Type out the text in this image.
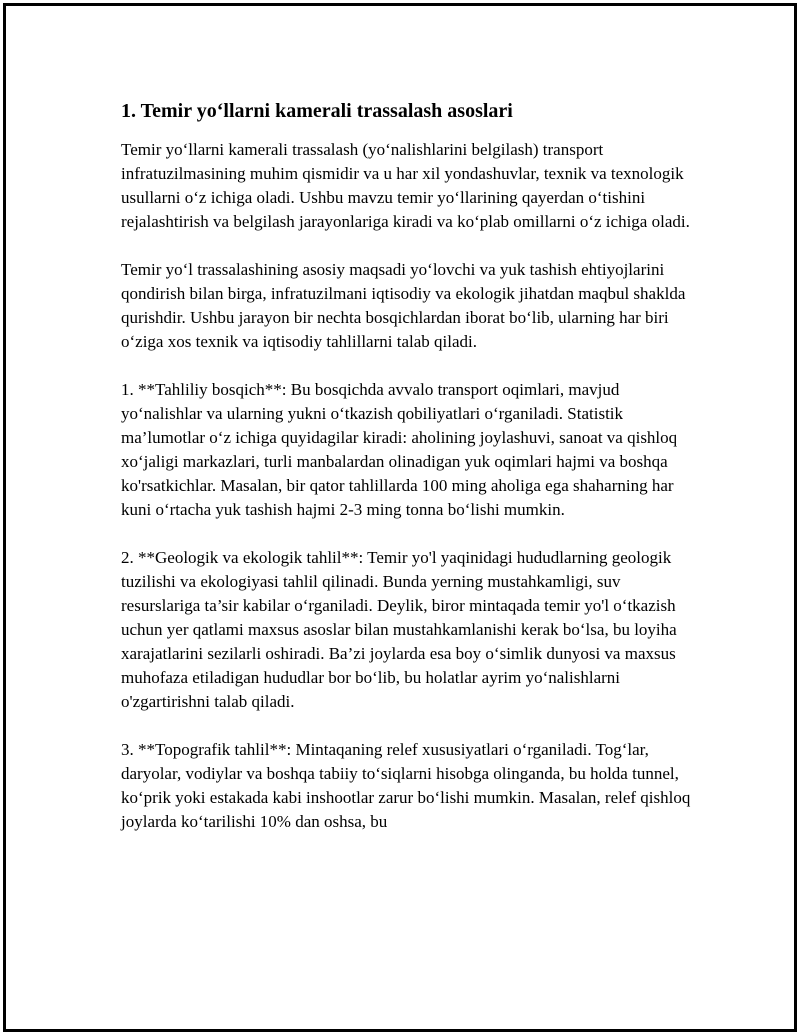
1. Temir yo‘llarni kamerali trassalash asoslari

Temir yo‘llarni kamerali trassalash (yo‘nalishlarini belgilash) transport infratuzilmasining muhim qismidir va u har xil yondashuvlar, texnik va texnologik usullarni o‘z ichiga oladi. Ushbu mavzu temir yo‘llarining qayerdan o‘tishini rejalashtirish va belgilash jarayonlariga kiradi va ko‘plab omillarni o‘z ichiga oladi.

Temir yo‘l trassalashining asosiy maqsadi yo‘lovchi va yuk tashish ehtiyojlarini qondirish bilan birga, infratuzilmani iqtisodiy va ekologik jihatdan maqbul shaklda qurishdir. Ushbu jarayon bir nechta bosqichlardan iborat bo‘lib, ularning har biri o‘ziga xos texnik va iqtisodiy tahlillarni talab qiladi.

1. **Tahliliy bosqich**: Bu bosqichda avvalo transport oqimlari, mavjud yo‘nalishlar va ularning yukni o‘tkazish qobiliyatlari o‘rganiladi. Statistik ma’lumotlar o‘z ichiga quyidagilar kiradi: aholining joylashuvi, sanoat va qishloq xo‘jaligi markazlari, turli manbalardan olinadigan yuk oqimlari hajmi va boshqa ko'rsatkichlar. Masalan, bir qator tahlillarda 100 ming aholiga ega shaharning har kuni o‘rtacha yuk tashish hajmi 2-3 ming tonna bo‘lishi mumkin.

2. **Geologik va ekologik tahlil**: Temir yo'l yaqinidagi hududlarning geologik tuzilishi va ekologiyasi tahlil qilinadi. Bunda yerning mustahkamligi, suv resurslariga ta’sir kabilar o‘rganiladi. Deylik, biror mintaqada temir yo'l o‘tkazish uchun yer qatlami maxsus asoslar bilan mustahkamlanishi kerak bo‘lsa, bu loyiha xarajatlarini sezilarli oshiradi. Ba’zi joylarda esa boy o‘simlik dunyosi va maxsus muhofaza etiladigan hududlar bor bo‘lib, bu holatlar ayrim yo‘nalishlarni o'zgartirishni talab qiladi.

3. **Topografik tahlil**: Mintaqaning relef xususiyatlari o‘rganiladi. Tog‘lar, daryolar, vodiylar va boshqa tabiiy to‘siqlarni hisobga olinganda, bu holda tunnel, ko‘prik yoki estakada kabi inshootlar zarur bo‘lishi mumkin. Masalan, relef qishloq joylarda ko‘tarilishi 10% dan oshsa, bu
